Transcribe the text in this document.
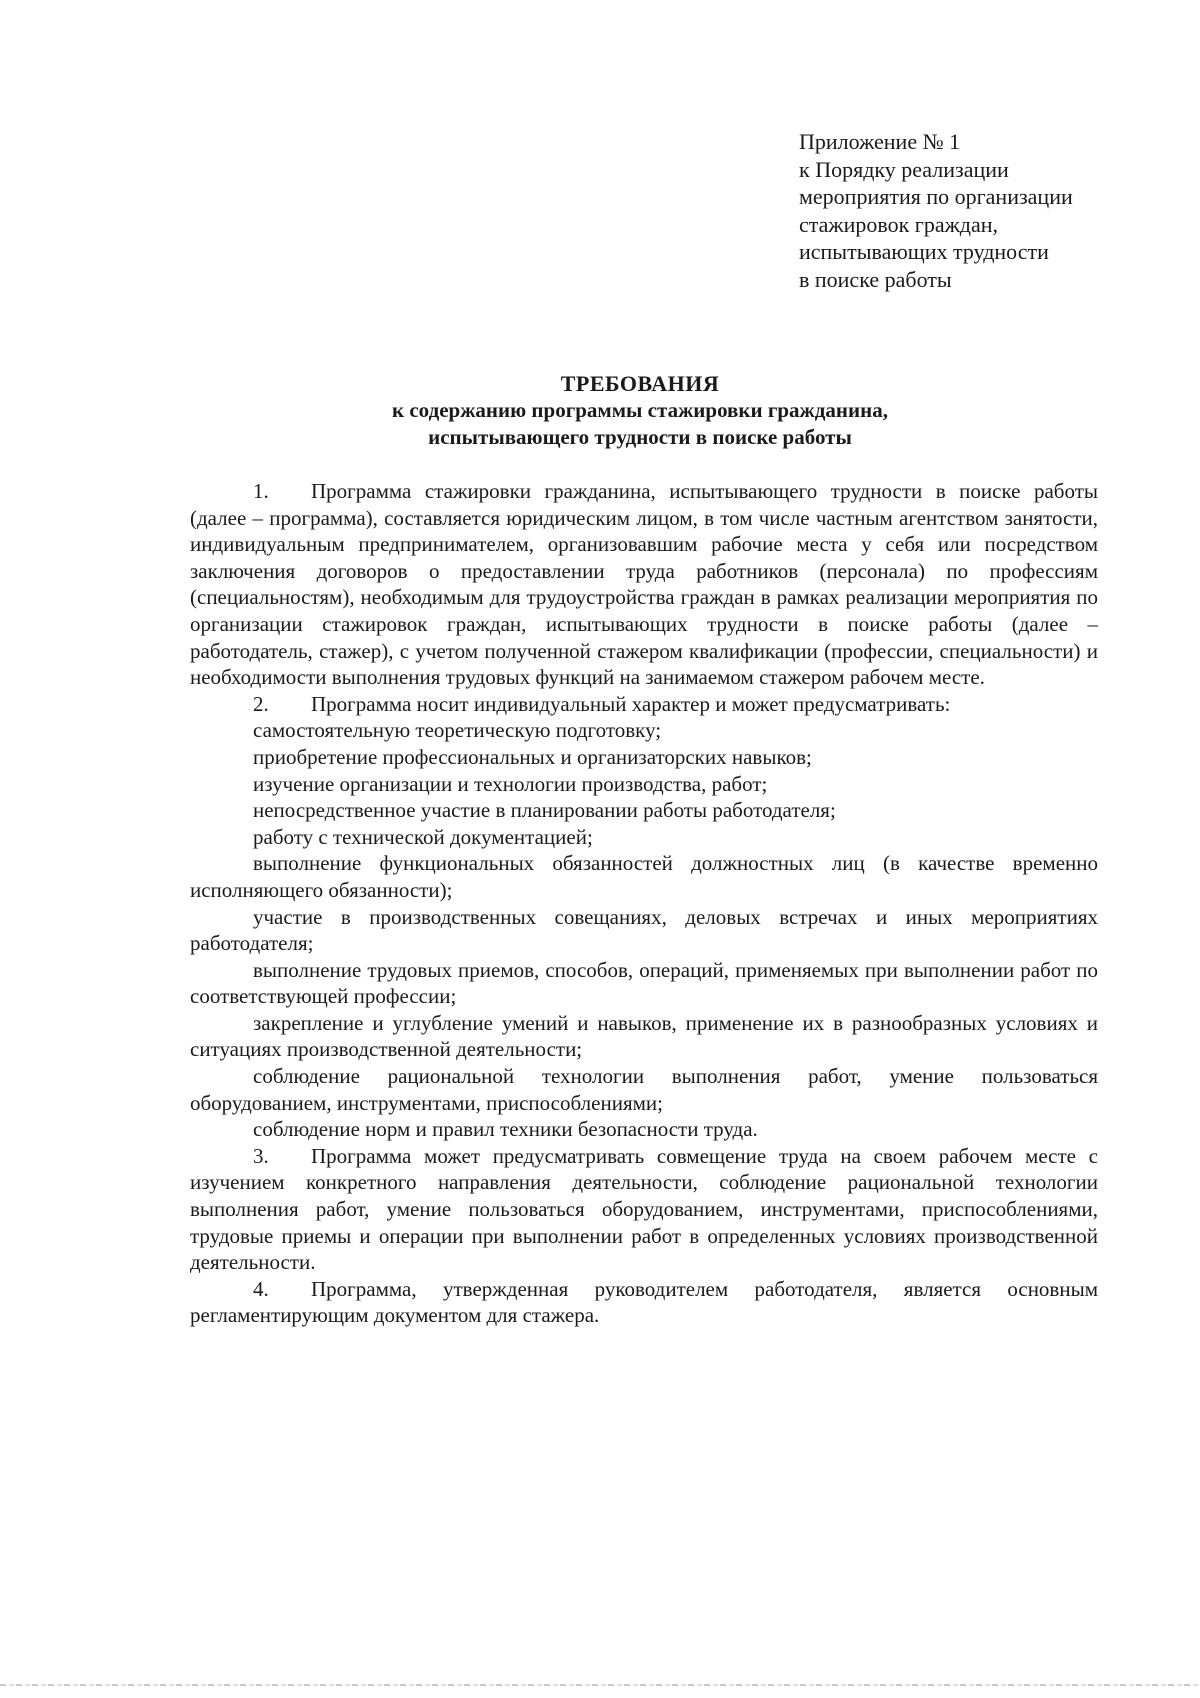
Приложение № 1
к Порядку реализации
мероприятия по организации
стажировок граждан,
испытывающих трудности
в поиске работы
ТРЕБОВАНИЯ
к содержанию программы стажировки гражданина,
испытывающего трудности в поиске работы

1. Программа стажировки гражданина, испытывающего трудности в поиске работы (далее – программа), составляется юридическим лицом, в том числе частным агентством занятости, индивидуальным предпринимателем, организовавшим рабочие места у себя или посредством заключения договоров о предоставлении труда работников (персонала) по профессиям (специальностям), необходимым для трудоустройства граждан в рамках реализации мероприятия по организации стажировок граждан, испытывающих трудности в поиске работы (далее – работодатель, стажер), с учетом полученной стажером квалификации (профессии, специальности) и необходимости выполнения трудовых функций на занимаемом стажером рабочем месте.

2. Программа носит индивидуальный характер и может предусматривать:

самостоятельную теоретическую подготовку;

приобретение профессиональных и организаторских навыков;

изучение организации и технологии производства, работ;

непосредственное участие в планировании работы работодателя;

работу с технической документацией;

выполнение функциональных обязанностей должностных лиц (в качестве временно исполняющего обязанности);

участие в производственных совещаниях, деловых встречах и иных мероприятиях работодателя;

выполнение трудовых приемов, способов, операций, применяемых при выполнении работ по соответствующей профессии;

закрепление и углубление умений и навыков, применение их в разнообразных условиях и ситуациях производственной деятельности;

соблюдение рациональной технологии выполнения работ, умение пользоваться оборудованием, инструментами, приспособлениями;

соблюдение норм и правил техники безопасности труда.

3. Программа может предусматривать совмещение труда на своем рабочем месте с изучением конкретного направления деятельности, соблюдение рациональной технологии выполнения работ, умение пользоваться оборудованием, инструментами, приспособлениями, трудовые приемы и операции при выполнении работ в определенных условиях производственной деятельности.

4. Программа, утвержденная руководителем работодателя, является основным регламентирующим документом для стажера.
